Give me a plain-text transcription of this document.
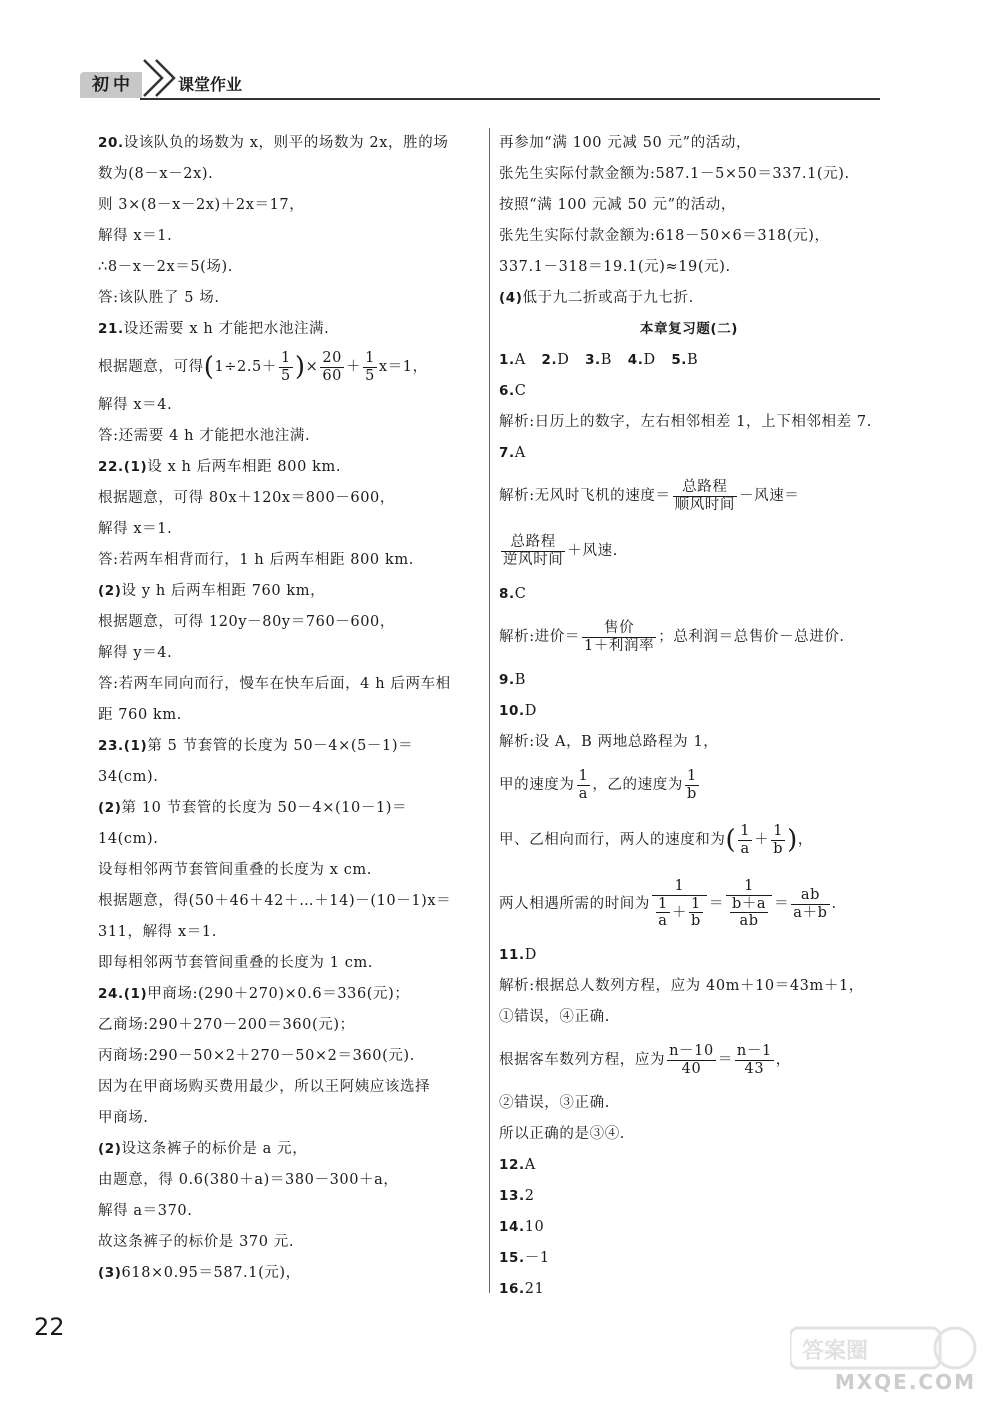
初中	课堂作业
20.设该队负的场数为 x，则平的场数为 2x，胜的场
数为(8－x－2x).
则 3×(8－x－2x)＋2x＝17，
解得 x＝1.
∴8－x－2x＝5(场).
答:该队胜了 5 场.
21.设还需要 x h 才能把水池注满.
根据题意，可得($1\div 2.5+ \frac{1}{5}$ )× $\frac{20}{60} + \frac{1}{5} x=1$，
解得 x＝4.
答:还需要 4 h 才能把水池注满.
22.(1)设 x h 后两车相距 800 km.
根据题意，可得 80x＋120x＝800－600，
解得 x＝1.
答:若两车相背而行，1 h 后两车相距 800 km.
(2)设 y h 后两车相距 760 km，
根据题意，可得 120y－80y＝760－600，
解得 y＝4.
答:若两车同向而行，慢车在快车后面，4 h 后两车相
距 760 km.
23.(1)第 5 节套管的长度为 50－4×(5－1)＝
34(cm).
(2)第 10 节套管的长度为 50－4×(10－1)＝
14(cm).
设每相邻两节套管间重叠的长度为 x cm.
根据题意，得(50＋46＋42＋…＋14)－(10－1)x＝
311，解得 x＝1.
即每相邻两节套管间重叠的长度为 1 cm.
24.(1)甲商场:(290＋270)×0.6＝336(元)；
乙商场:290＋270－200＝360(元)；
丙商场:290－50×2＋270－50×2＝360(元).
因为在甲商场购买费用最少，所以王阿姨应该选择
甲商场.
(2)设这条裤子的标价是 a 元，
由题意，得 0.6(380＋a)＝380－300＋a，
解得 a＝370.
故这条裤子的标价是 370 元.
(3)618×0.95＝587.1(元)，
再参加“满 100 元减 50 元”的活动，
张先生实际付款金额为:587.1－5×50＝337.1(元).
按照“满 100 元减 50 元”的活动，
张先生实际付款金额为:618－50×6＝318(元)，
337.1－318＝19.1(元)≈19(元).
(4)低于九二折或高于九七折.
本章复习题(二)
1.A 2.D 3.B 4.D 5.B
6.C
解析:日历上的数字，左右相邻相差 1，上下相邻相差 7.
7.A
解析:无风时飞机的速度＝
总路程
顺风时间
－风速＝
总路程
逆风时间
＋风速.
8.C
解析:进价＝
售价
1＋利润率
；总利润＝总售价－总进价.
9.B
10.D
解析:设 A，B 两地总路程为 1，
甲的速度为 $\frac{1}{a}$ ，乙的速度为 $\frac{1}{b}$
甲、乙相向而行，两人的速度和为( $\frac{1}{a} + \frac{1}{b}$ )，
两人相遇所需的时间为 $\frac{1}{\frac{1}{a} + \frac{1}{b}}$ ＝
1
$\frac{b+a}{ab} = \frac{ab}{a+b}$ .
11.D
解析:根据总人数列方程，应为 40m＋10＝43m＋1，
①错误，④正确.
根据客车数列方程，应为 $\frac{n-10}{40} = \frac{n-1}{43}$ ，
②错误，③正确.
所以正确的是③④.
12.A
13.2
14.10
15.－1
16.21
22
答案圈
MXQE.COM
